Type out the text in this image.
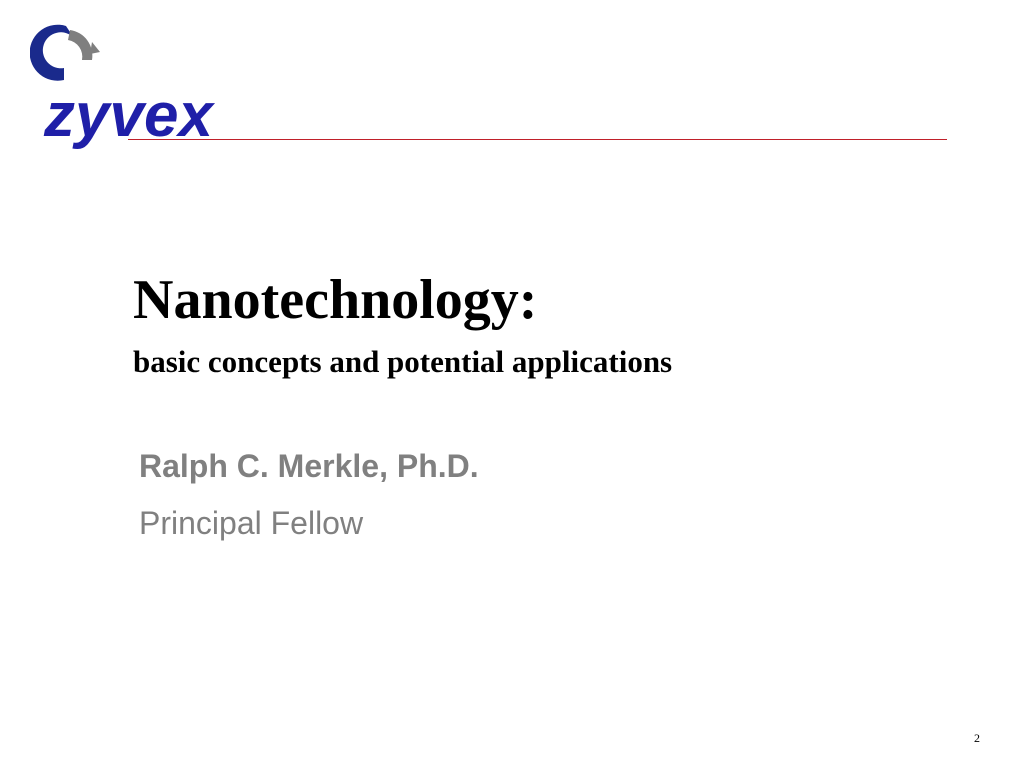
zyvex
Nanotechnology:
basic concepts and potential applications
Ralph C. Merkle, Ph.D.
Principal Fellow
2
